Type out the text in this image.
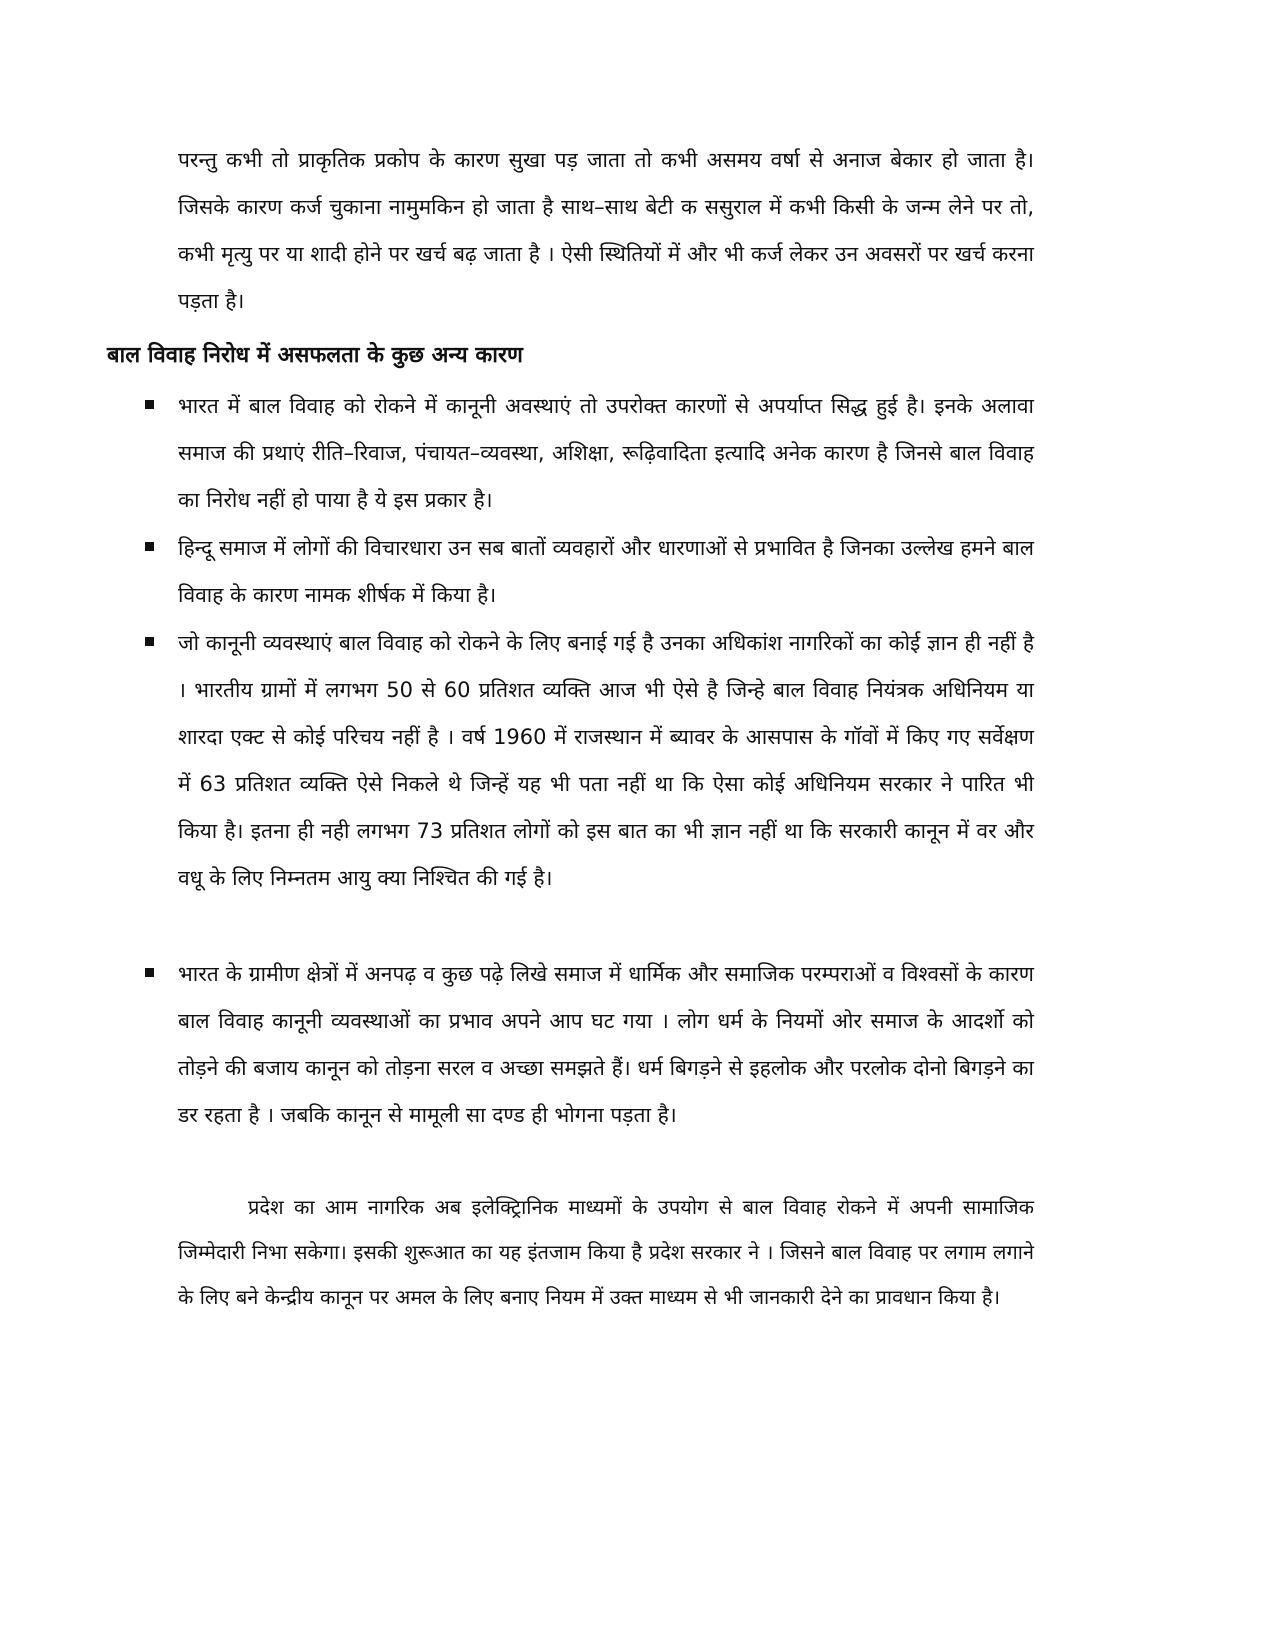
परन्तु कभी तो प्राकृतिक प्रकोप के कारण सुखा पड़ जाता तो कभी असमय वर्षा से अनाज बेकार हो जाता है। जिसके कारण कर्ज चुकाना नामुमकिन हो जाता है साथ–साथ बेटी क ससुराल में कभी किसी के जन्म लेने पर तो, कभी मृत्यु पर या शादी होने पर खर्च बढ़ जाता है । ऐसी स्थितियों में और भी कर्ज लेकर उन अवसरों पर खर्च करना पड़ता है।

बाल विवाह निरोध में असफलता के कुछ अन्य कारण

भारत में बाल विवाह को रोकने में कानूनी अवस्थाएं तो उपरोक्त कारणों से अपर्याप्त सिद्ध हुई है। इनके अलावा समाज की प्रथाएं रीति–रिवाज, पंचायत–व्यवस्था, अशिक्षा, रूढ़िवादिता इत्यादि अनेक कारण है जिनसे बाल विवाह का निरोध नहीं हो पाया है ये इस प्रकार है।

हिन्दू समाज में लोगों की विचारधारा उन सब बातों व्यवहारों और धारणाओं से प्रभावित है जिनका उल्लेख हमने बाल विवाह के कारण नामक शीर्षक में किया है।

जो कानूनी व्यवस्थाएं बाल विवाह को रोकने के लिए बनाई गई है उनका अधिकांश नागरिकों का कोई ज्ञान ही नहीं है । भारतीय ग्रामों में लगभग 50 से 60 प्रतिशत व्यक्ति आज भी ऐसे है जिन्हे बाल विवाह नियंत्रक अधिनियम या शारदा एक्ट से कोई परिचय नहीं है । वर्ष 1960 में राजस्थान में ब्यावर के आसपास के गॉवों में किए गए सर्वेक्षण में 63 प्रतिशत व्यक्ति ऐसे निकले थे जिन्हें यह भी पता नहीं था कि ऐसा कोई अधिनियम सरकार ने पारित भी किया है। इतना ही नही लगभग 73 प्रतिशत लोगों को इस बात का भी ज्ञान नहीं था कि सरकारी कानून में वर और वधू के लिए निम्नतम आयु क्या निश्चित की गई है।

भारत के ग्रामीण क्षेत्रों में अनपढ़ व कुछ पढ़े लिखे समाज में धार्मिक और समाजिक परम्पराओं व विश्वसों के कारण बाल विवाह कानूनी व्यवस्थाओं का प्रभाव अपने आप घट गया । लोग धर्म के नियमों ओर समाज के आदर्शो को तोड़ने की बजाय कानून को तोड़ना सरल व अच्छा समझते हैं। धर्म बिगड़ने से इहलोक और परलोक दोनो बिगड़ने का डर रहता है । जबकि कानून से मामूली सा दण्ड ही भोगना पड़ता है।

प्रदेश का आम नागरिक अब इलेक्ट्रिानिक माध्यमों के उपयोग से बाल विवाह रोकने में अपनी सामाजिक जिम्मेदारी निभा सकेगा। इसकी शुरूआत का यह इंतजाम किया है प्रदेश सरकार ने । जिसने बाल विवाह पर लगाम लगाने के लिए बने केन्द्रीय कानून पर अमल के लिए बनाए नियम में उक्त माध्यम से भी जानकारी देने का प्रावधान किया है।
